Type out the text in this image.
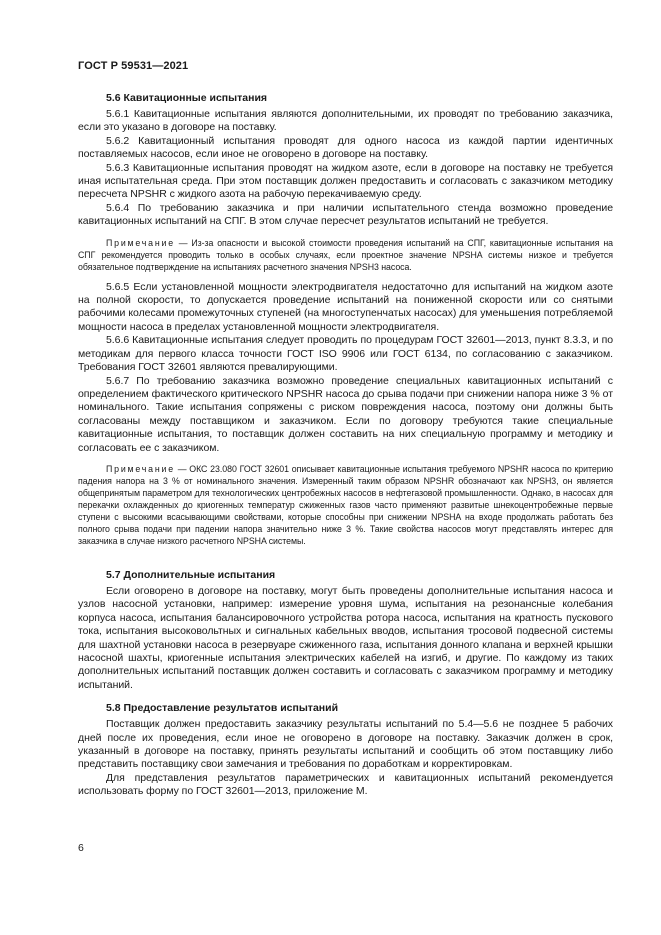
ГОСТ Р 59531—2021
5.6 Кавитационные испытания

5.6.1 Кавитационные испытания являются дополнительными, их проводят по требованию заказчика, если это указано в договоре на поставку.

5.6.2 Кавитационный испытания проводят для одного насоса из каждой партии идентичных поставляемых насосов, если иное не оговорено в договоре на поставку.

5.6.3 Кавитационные испытания проводят на жидком азоте, если в договоре на поставку не требуется иная испытательная среда. При этом поставщик должен предоставить и согласовать с заказчиком методику пересчета NPSHR с жидкого азота на рабочую перекачиваемую среду.

5.6.4 По требованию заказчика и при наличии испытательного стенда возможно проведение кавитационных испытаний на СПГ. В этом случае пересчет результатов испытаний не требуется.

Примечание — Из-за опасности и высокой стоимости проведения испытаний на СПГ, кавитационные испытания на СПГ рекомендуется проводить только в особых случаях, если проектное значение NPSHA системы низкое и требуется обязательное подтверждение на испытаниях расчетного значения NPSH3 насоса.

5.6.5 Если установленной мощности электродвигателя недостаточно для испытаний на жидком азоте на полной скорости, то допускается проведение испытаний на пониженной скорости или со снятыми рабочими колесами промежуточных ступеней (на многоступенчатых насосах) для уменьшения потребляемой мощности насоса в пределах установленной мощности электродвигателя.

5.6.6 Кавитационные испытания следует проводить по процедурам ГОСТ 32601—2013, пункт 8.3.3, и по методикам для первого класса точности ГОСТ ISO 9906 или ГОСТ 6134, по согласованию с заказчиком. Требования ГОСТ 32601 являются превалирующими.

5.6.7 По требованию заказчика возможно проведение специальных кавитационных испытаний с определением фактического критического NPSHR насоса до срыва подачи при снижении напора ниже 3 % от номинального. Такие испытания сопряжены с риском повреждения насоса, поэтому они должны быть согласованы между поставщиком и заказчиком. Если по договору требуются такие специальные кавитационные испытания, то поставщик должен составить на них специальную программу и методику и согласовать ее с заказчиком.

Примечание — ОКС 23.080 ГОСТ 32601 описывает кавитационные испытания требуемого NPSHR насоса по критерию падения напора на 3 % от номинального значения. Измеренный таким образом NPSHR обозначают как NPSH3, он является общепринятым параметром для технологических центробежных насосов в нефтегазовой промышленности. Однако, в насосах для перекачки охлажденных до криогенных температур сжиженных газов часто применяют развитые шнекоцентробежные первые ступени с высокими всасывающими свойствами, которые способны при снижении NPSHA на входе продолжать работать без полного срыва подачи при падении напора значительно ниже 3 %. Такие свойства насосов могут представлять интерес для заказчика в случае низкого расчетного NPSHA системы.

5.7 Дополнительные испытания

Если оговорено в договоре на поставку, могут быть проведены дополнительные испытания насоса и узлов насосной установки, например: измерение уровня шума, испытания на резонансные колебания корпуса насоса, испытания балансировочного устройства ротора насоса, испытания на кратность пускового тока, испытания высоковольтных и сигнальных кабельных вводов, испытания тросовой подвесной системы для шахтной установки насоса в резервуаре сжиженного газа, испытания донного клапана и верхней крышки насосной шахты, криогенные испытания электрических кабелей на изгиб, и другие. По каждому из таких дополнительных испытаний поставщик должен составить и согласовать с заказчиком программу и методику испытаний.

5.8 Предоставление результатов испытаний

Поставщик должен предоставить заказчику результаты испытаний по 5.4—5.6 не позднее 5 рабочих дней после их проведения, если иное не оговорено в договоре на поставку. Заказчик должен в срок, указанный в договоре на поставку, принять результаты испытаний и сообщить об этом поставщику либо представить поставщику свои замечания и требования по доработкам и корректировкам.

Для представления результатов параметрических и кавитационных испытаний рекомендуется использовать форму по ГОСТ 32601—2013, приложение М.

6
